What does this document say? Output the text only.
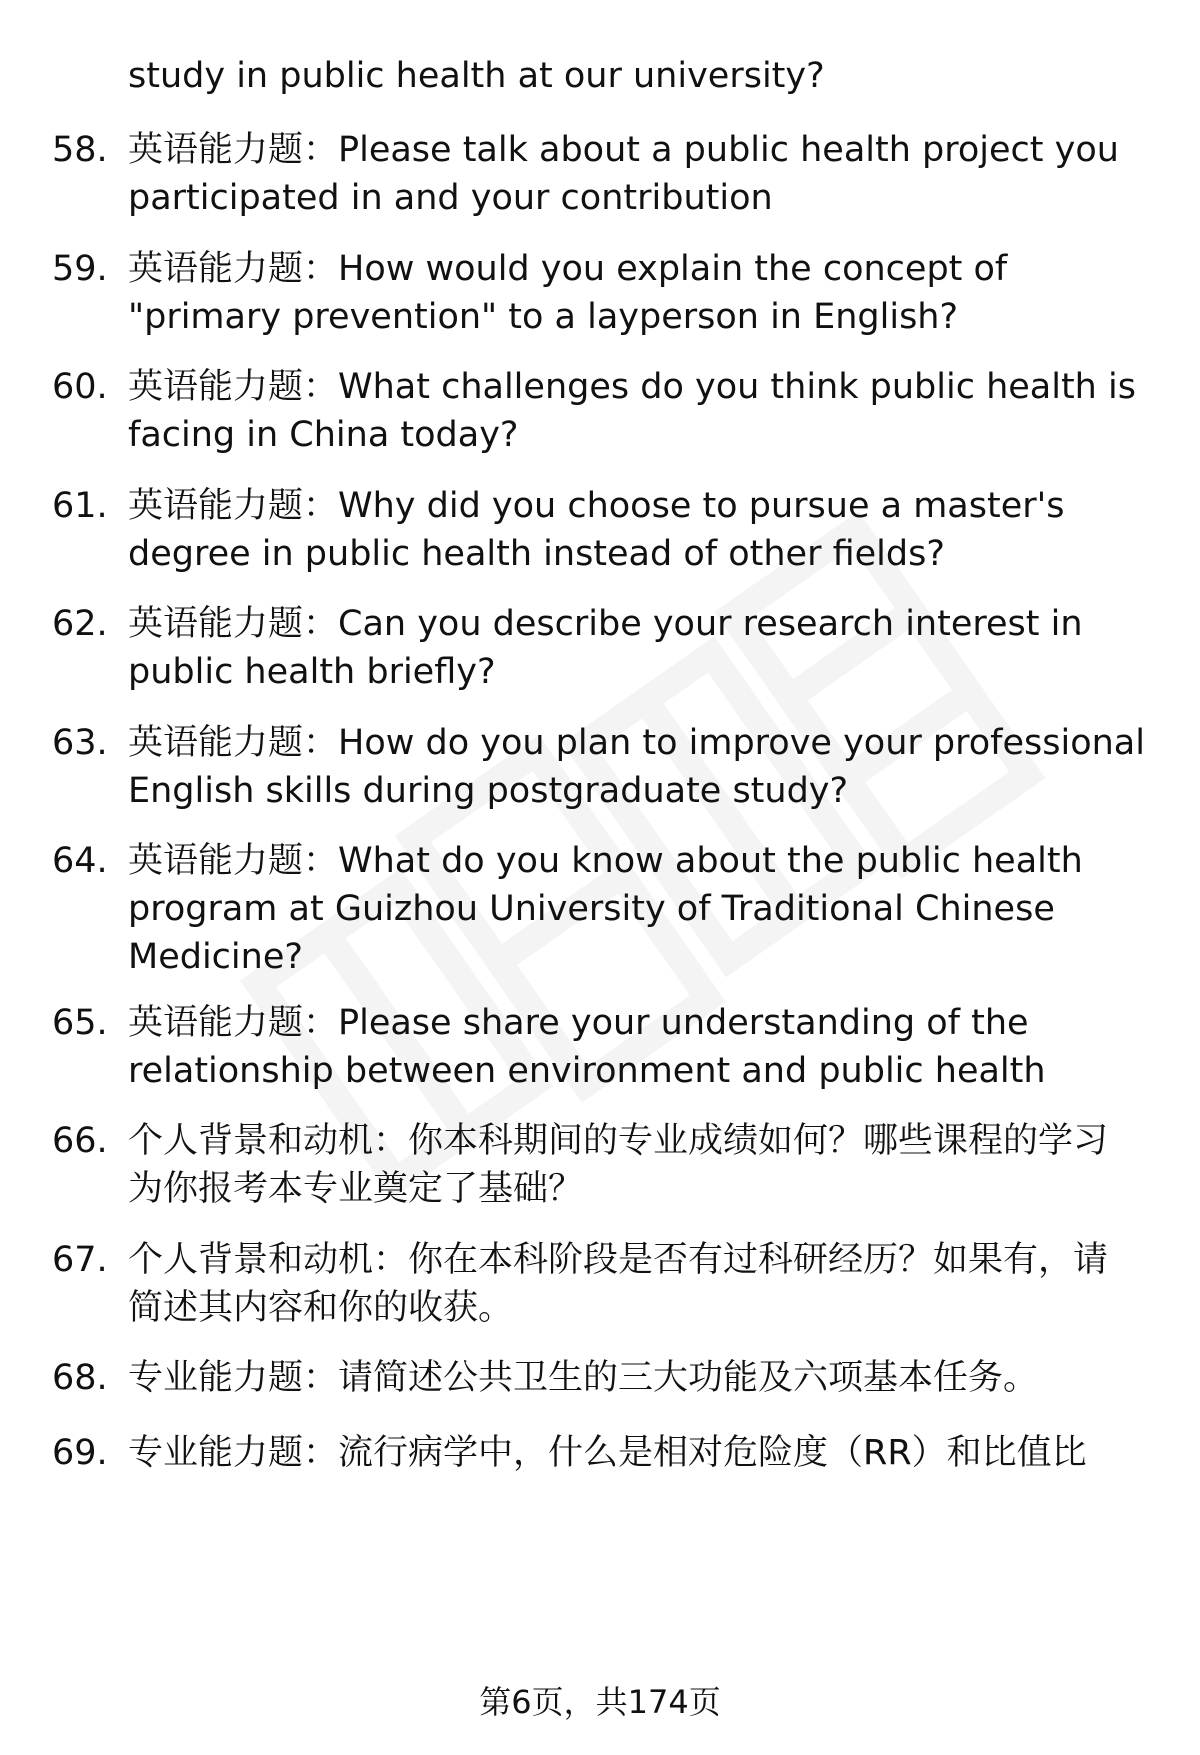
study in public health at our university?
58. 英语能力题：Please talk about a public health project you
participated in and your contribution
59. 英语能力题：How would you explain the concept of
"primary prevention" to a layperson in English?
60. 英语能力题：What challenges do you think public health is
facing in China today?
61. 英语能力题：Why did you choose to pursue a master's
degree in public health instead of other fields?
62. 英语能力题：Can you describe your research interest in
public health briefly?
63. 英语能力题：How do you plan to improve your professional
English skills during postgraduate study?
64. 英语能力题：What do you know about the public health
program at Guizhou University of Traditional Chinese
Medicine?
65. 英语能力题：Please share your understanding of the
relationship between environment and public health
66. 个人背景和动机：你本科期间的专业成绩如何？哪些课程的学习
为你报考本专业奠定了基础？
67. 个人背景和动机：你在本科阶段是否有过科研经历？如果有，请
简述其内容和你的收获。
68. 专业能力题：请简述公共卫生的三大功能及六项基本任务。
69. 专业能力题：流行病学中，什么是相对危险度（RR）和比值比
第6页，共174页
